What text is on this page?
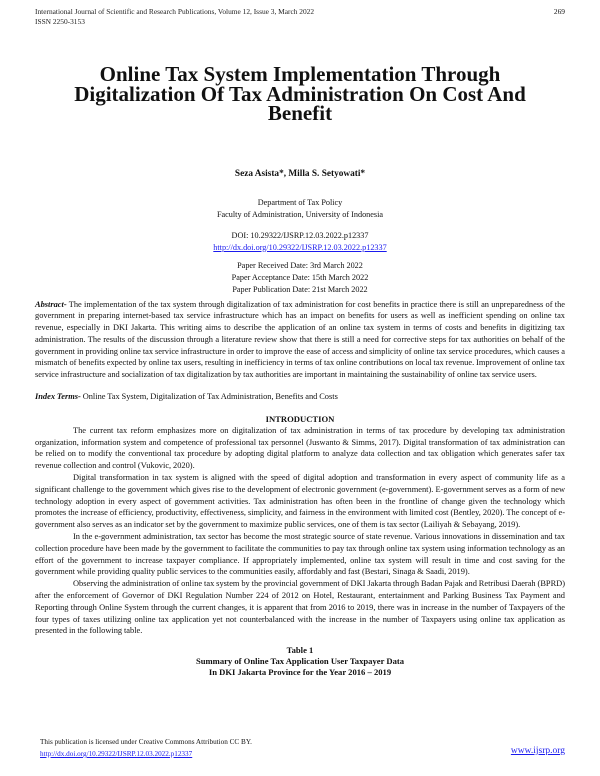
269
International Journal of Scientific and Research Publications, Volume 12, Issue 3, March 2022
ISSN 2250-3153
Online Tax System Implementation Through Digitalization Of Tax Administration On Cost And Benefit
Seza Asista*, Milla S. Setyowati*
Department of Tax Policy
Faculty of Administration, University of Indonesia
DOI: 10.29322/IJSRP.12.03.2022.p12337
http://dx.doi.org/10.29322/IJSRP.12.03.2022.p12337
Paper Received Date: 3rd March 2022
Paper Acceptance Date: 15th March 2022
Paper Publication Date: 21st March 2022

Abstract- The implementation of the tax system through digitalization of tax administration for cost benefits in practice there is still an unpreparedness of the government in preparing internet-based tax service infrastructure which has an impact on benefits for users as well as inefficient spending on online tax revenue, especially in DKI Jakarta. This writing aims to describe the application of an online tax system in terms of costs and benefits in digitizing tax administration. The results of the discussion through a literature review show that there is still a need for corrective steps for tax authorities on behalf of the government in providing online tax service infrastructure in order to improve the ease of access and simplicity of online tax service procedures, which causes a mismatch of benefits expected by online tax users, resulting in inefficiency in terms of tax online contributions on local tax revenue. Improvement of online tax service infrastructure and socialization of tax digitalization by tax authorities are important in maintaining the sustainability of online tax service users.

Index Terms- Online Tax System, Digitalization of Tax Administration, Benefits and Costs

INTRODUCTION

The current tax reform emphasizes more on digitalization of tax administration in terms of tax procedure by developing tax administration organization, information system and competence of professional tax personnel (Juswanto & Simms, 2017). Digital transformation of tax administration can be relied on to modify the conventional tax procedure by adopting digital platform to analyze data collection and tax obligation which generates safer tax revenue collection and control (Vukovic, 2020).

Digital transformation in tax system is aligned with the speed of digital adoption and transformation in every aspect of community life as a significant challenge to the government which gives rise to the development of electronic government (e-government). E-government serves as a form of new technology adoption in every aspect of government activities. Tax administration has often been in the frontline of change given the technology which promotes the increase of efficiency, productivity, effectiveness, simplicity, and fairness in the environment with limited cost (Bentley, 2020). The concept of e-government also serves as an indicator set by the government to maximize public services, one of them is tax sector (Lailiyah & Sebayang, 2019).

In the e-government administration, tax sector has become the most strategic source of state revenue. Various innovations in dissemination and tax collection procedure have been made by the government to facilitate the communities to pay tax through online tax system using information technology as an effort of the government to increase taxpayer compliance. If appropriately implemented, online tax system will result in time and cost saving for the government while providing quality public services to the communities easily, affordably and fast (Bestari, Sinaga & Saadi, 2019).

Observing the administration of online tax system by the provincial government of DKI Jakarta through Badan Pajak and Retribusi Daerah (BPRD) after the enforcement of Governor of DKI Regulation Number 224 of 2012 on Hotel, Restaurant, entertainment and Parking Business Tax Payment and Reporting through Online System through the current changes, it is apparent that from 2016 to 2019, there was in increase in the number of Taxpayers of the four types of taxes utilizing online tax application yet not counterbalanced with the increase in the number of Taxpayers using online tax application as presented in the following table.

Table 1
Summary of Online Tax Application User Taxpayer Data
In DKI Jakarta Province for the Year 2016 – 2019
This publication is licensed under Creative Commons Attribution CC BY.
http://dx.doi.org/10.29322/IJSRP.12.03.2022.p12337	www.ijsrp.org
